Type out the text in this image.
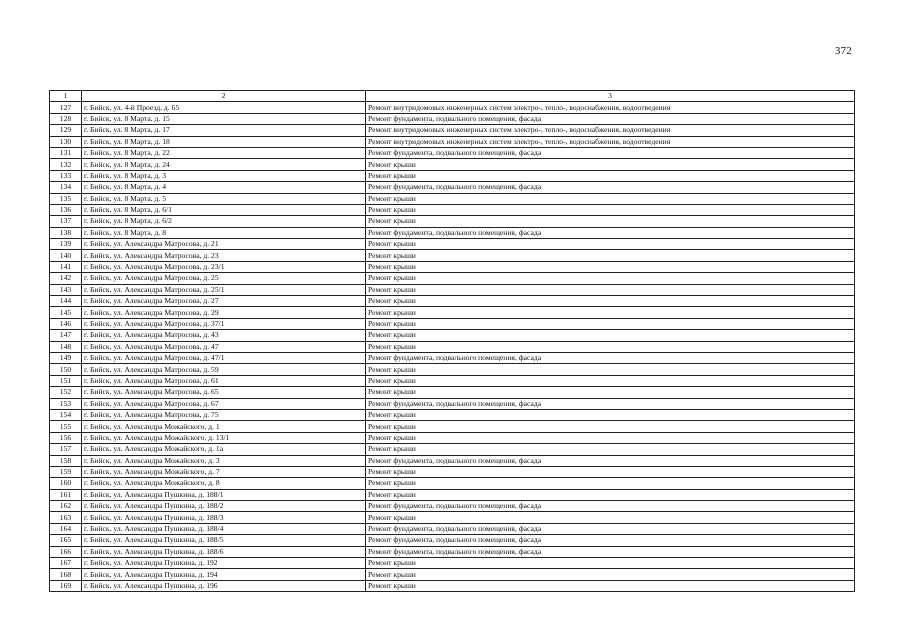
372
1	2	3
127	г. Бийск, ул. 4-й Проезд, д. 65	Ремонт внутридомовых инженерных систем электро-, тепло-, водоснабжения, водоотведения
128	г. Бийск, ул. 8 Марта, д. 15	Ремонт фундамента, подвального помещения, фасада
129	г. Бийск, ул. 8 Марта, д. 17	Ремонт внутридомовых инженерных систем электро-, тепло-, водоснабжения, водоотведения
130	г. Бийск, ул. 8 Марта, д. 18	Ремонт внутридомовых инженерных систем электро-, тепло-, водоснабжения, водоотведения
131	г. Бийск, ул. 8 Марта, д. 22	Ремонт фундамента, подвального помещения, фасада
132	г. Бийск, ул. 8 Марта, д. 24	Ремонт крыши
133	г. Бийск, ул. 8 Марта, д. 3	Ремонт крыши
134	г. Бийск, ул. 8 Марта, д. 4	Ремонт фундамента, подвального помещения, фасада
135	г. Бийск, ул. 8 Марта, д. 5	Ремонт крыши
136	г. Бийск, ул. 8 Марта, д. 6/1	Ремонт крыши
137	г. Бийск, ул. 8 Марта, д. 6/2	Ремонт крыши
138	г. Бийск, ул. 8 Марта, д. 8	Ремонт фундамента, подвального помещения, фасада
139	г. Бийск, ул. Александра Матросова, д. 21	Ремонт крыши
140	г. Бийск, ул. Александра Матросова, д. 23	Ремонт крыши
141	г. Бийск, ул. Александра Матросова, д. 23/1	Ремонт крыши
142	г. Бийск, ул. Александра Матросова, д. 25	Ремонт крыши
143	г. Бийск, ул. Александра Матросова, д. 25/1	Ремонт крыши
144	г. Бийск, ул. Александра Матросова, д. 27	Ремонт крыши
145	г. Бийск, ул. Александра Матросова, д. 29	Ремонт крыши
146	г. Бийск, ул. Александра Матросова, д. 37/1	Ремонт крыши
147	г. Бийск, ул. Александра Матросова, д. 43	Ремонт крыши
148	г. Бийск, ул. Александра Матросова, д. 47	Ремонт крыши
149	г. Бийск, ул. Александра Матросова, д. 47/1	Ремонт фундамента, подвального помещения, фасада
150	г. Бийск, ул. Александра Матросова, д. 59	Ремонт крыши
151	г. Бийск, ул. Александра Матросова, д. 61	Ремонт крыши
152	г. Бийск, ул. Александра Матросова, д. 65	Ремонт крыши
153	г. Бийск, ул. Александра Матросова, д. 67	Ремонт фундамента, подвального помещения, фасада
154	г. Бийск, ул. Александра Матросова, д. 75	Ремонт крыши
155	г. Бийск, ул. Александра Можайского, д. 1	Ремонт крыши
156	г. Бийск, ул. Александра Можайского, д. 13/1	Ремонт крыши
157	г. Бийск, ул. Александра Можайского, д. 1а	Ремонт крыши
158	г. Бийск, ул. Александра Можайского, д. 3	Ремонт фундамента, подвального помещения, фасада
159	г. Бийск, ул. Александра Можайского, д. 7	Ремонт крыши
160	г. Бийск, ул. Александра Можайского, д. 8	Ремонт крыши
161	г. Бийск, ул. Александра Пушкина, д. 188/1	Ремонт крыши
162	г. Бийск, ул. Александра Пушкина, д. 188/2	Ремонт фундамента, подвального помещения, фасада
163	г. Бийск, ул. Александра Пушкина, д. 188/3	Ремонт крыши
164	г. Бийск, ул. Александра Пушкина, д. 188/4	Ремонт фундамента, подвального помещения, фасада
165	г. Бийск, ул. Александра Пушкина, д. 188/5	Ремонт фундамента, подвального помещения, фасада
166	г. Бийск, ул. Александра Пушкина, д. 188/6	Ремонт фундамента, подвального помещения, фасада
167	г. Бийск, ул. Александра Пушкина, д. 192	Ремонт крыши
168	г. Бийск, ул. Александра Пушкина, д. 194	Ремонт крыши
169	г. Бийск, ул. Александра Пушкина, д. 196	Ремонт крыши
